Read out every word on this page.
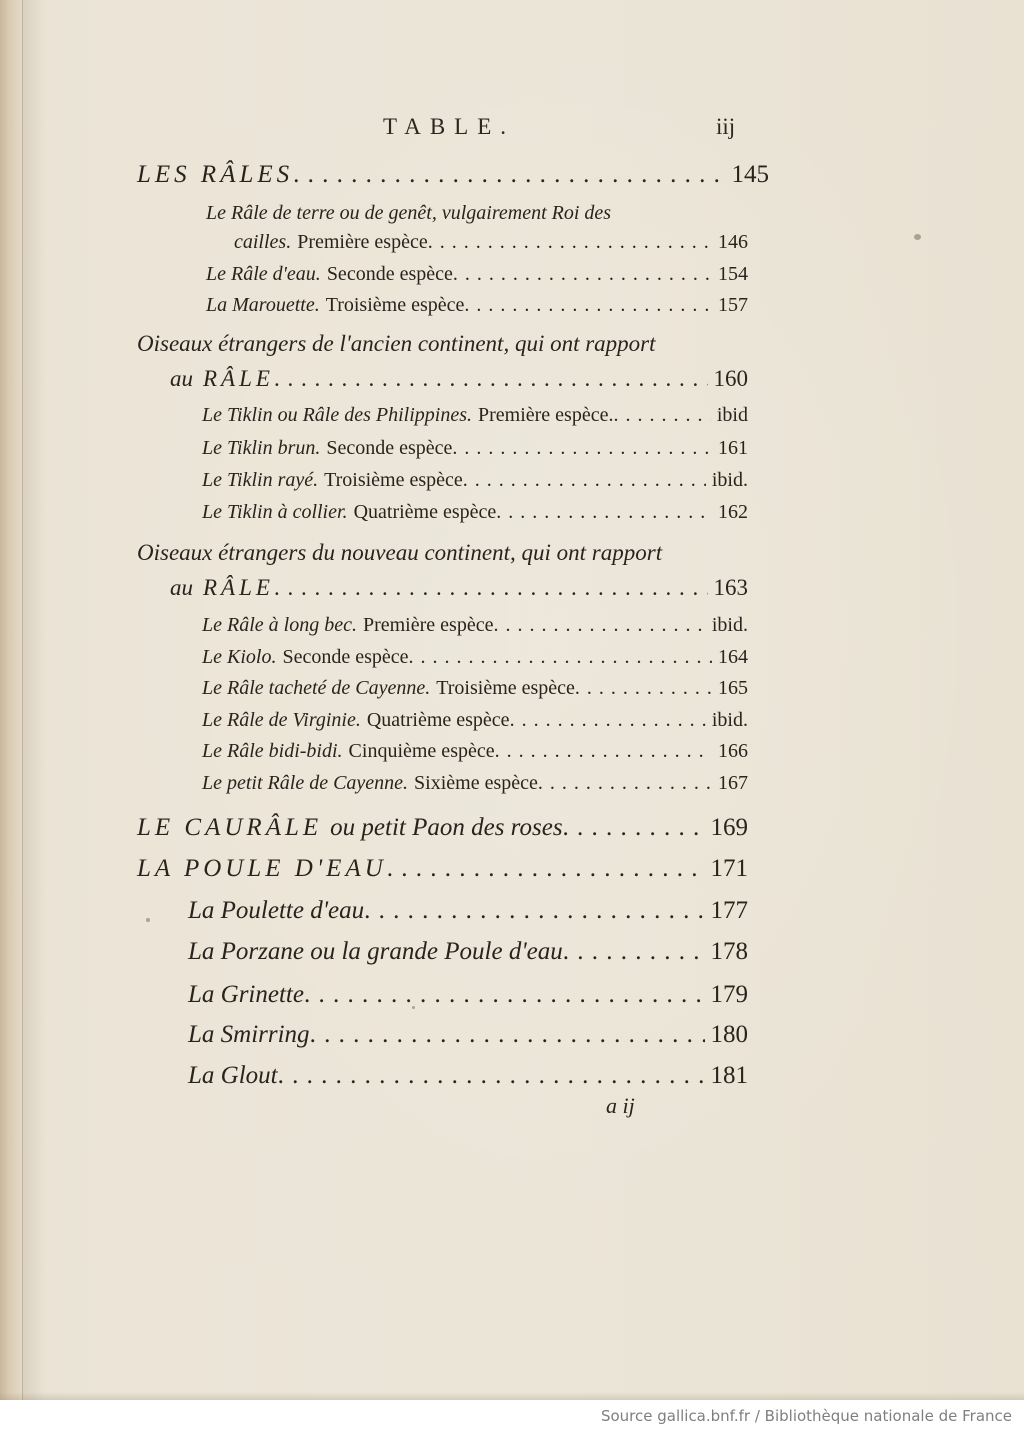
TABLE.	iij
LES RÂLES . . .	145
Le Râle de terre ou de genêt, vulgairement Roi des
cailles. Première espèce . . .	146
Le Râle d'eau. Seconde espèce . . .	154
La Marouette. Troisième espèce . . .	157
Oiseaux étrangers de l'ancien continent, qui ont rapport
au RÂLE . . .	160
Le Tiklin ou Râle des Philippines. Première espèce. . . .	ibid
Le Tiklin brun. Seconde espèce . . .	161
Le Tiklin rayé. Troisième espèce . . .	ibid.
Le Tiklin à collier. Quatrième espèce . . .	162
Oiseaux étrangers du nouveau continent, qui ont rapport
au RÂLE . . .	163
Le Râle à long bec. Première espèce . . .	ibid.
Le Kiolo. Seconde espèce . . .	164
Le Râle tacheté de Cayenne. Troisième espèce . . .	165
Le Râle de Virginie. Quatrième espèce . . .	ibid.
Le Râle bidi-bidi. Cinquième espèce . . .	166
Le petit Râle de Cayenne. Sixième espèce . . .	167
LE CAURÂLE ou petit Paon des roses . . .	169
LA POULE D'EAU . . .	171
La Poulette d'eau . . .	177
La Porzane ou la grande Poule d'eau . . .	178
La Grinette . . .	179
La Smirring . . .	180
La Glout . . .	181
a ij
Source gallica.bnf.fr / Bibliothèque nationale de France
